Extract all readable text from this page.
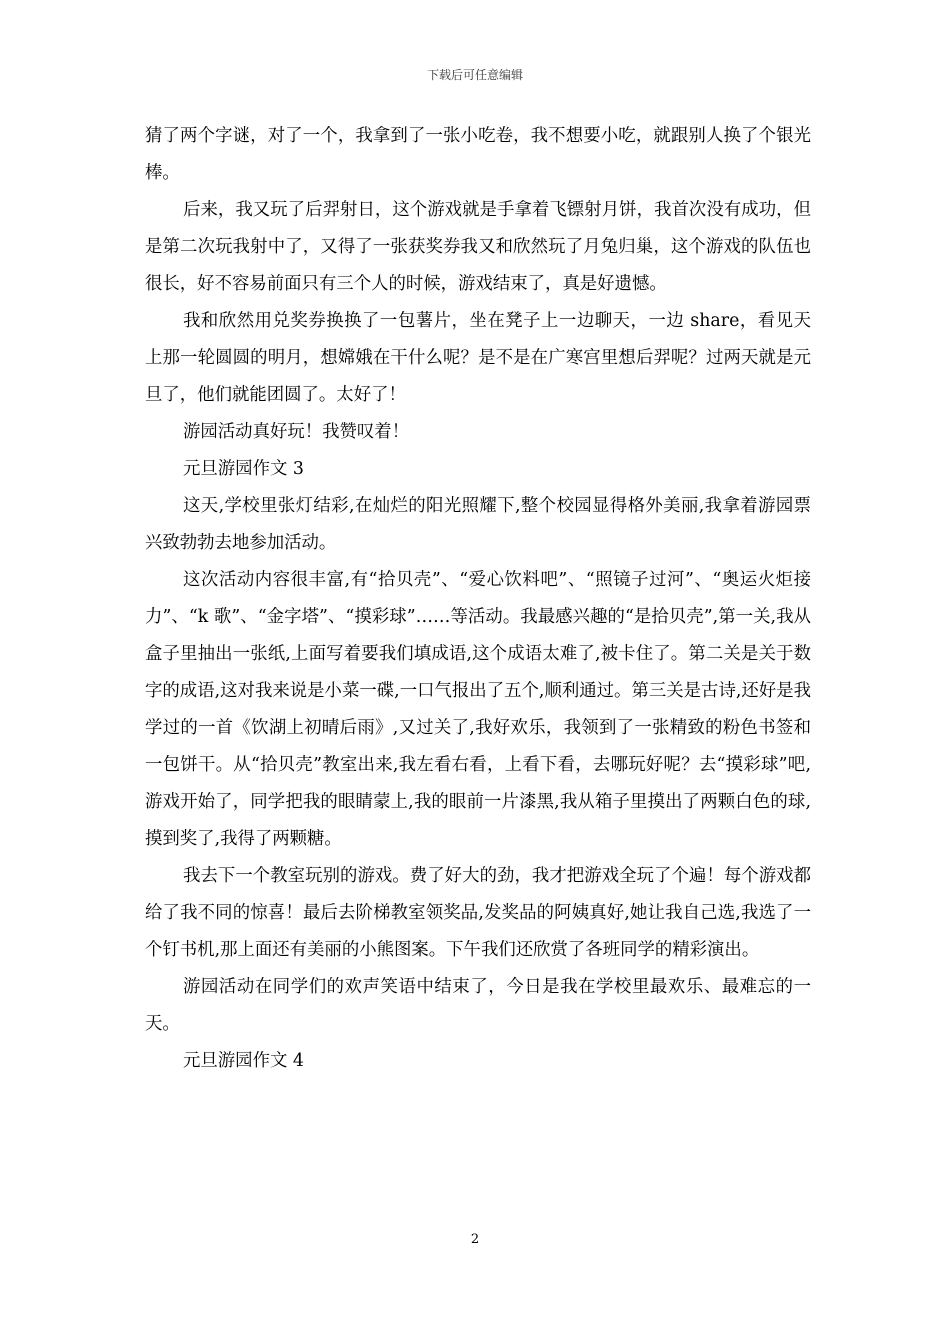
下载后可任意编辑

猜了两个字谜，对了一个，我拿到了一张小吃卷，我不想要小吃，就跟别人换了个银光棒。

后来，我又玩了后羿射日，这个游戏就是手拿着飞镖射月饼，我首次没有成功，但是第二次玩我射中了，又得了一张获奖券我又和欣然玩了月兔归巢，这个游戏的队伍也很长，好不容易前面只有三个人的时候，游戏结束了，真是好遗憾。

我和欣然用兑奖券换换了一包薯片，坐在凳子上一边聊天，一边 share，看见天上那一轮圆圆的明月，想嫦娥在干什么呢？是不是在广寒宫里想后羿呢？过两天就是元旦了，他们就能团圆了。太好了！

游园活动真好玩！我赞叹着！

元旦游园作文 3

这天,学校里张灯结彩,在灿烂的阳光照耀下,整个校园显得格外美丽,我拿着游园票兴致勃勃去地参加活动。

这次活动内容很丰富,有“拾贝壳”、“爱心饮料吧”、“照镜子过河”、“奥运火炬接力”、“k 歌”、“金字塔”、“摸彩球”……等活动。我最感兴趣的“是拾贝壳”,第一关,我从盒子里抽出一张纸,上面写着要我们填成语,这个成语太难了,被卡住了。第二关是关于数字的成语,这对我来说是小菜一碟,一口气报出了五个,顺利通过。第三关是古诗,还好是我学过的一首《饮湖上初晴后雨》,又过关了,我好欢乐，我领到了一张精致的粉色书签和一包饼干。从“拾贝壳”教室出来,我左看右看，上看下看，去哪玩好呢？去“摸彩球”吧,游戏开始了，同学把我的眼睛蒙上,我的眼前一片漆黑,我从箱子里摸出了两颗白色的球,摸到奖了,我得了两颗糖。

我去下一个教室玩别的游戏。费了好大的劲，我才把游戏全玩了个遍！每个游戏都给了我不同的惊喜！最后去阶梯教室领奖品,发奖品的阿姨真好,她让我自己选,我选了一个钉书机,那上面还有美丽的小熊图案。下午我们还欣赏了各班同学的精彩演出。

游园活动在同学们的欢声笑语中结束了，今日是我在学校里最欢乐、最难忘的一天。

元旦游园作文 4

2
